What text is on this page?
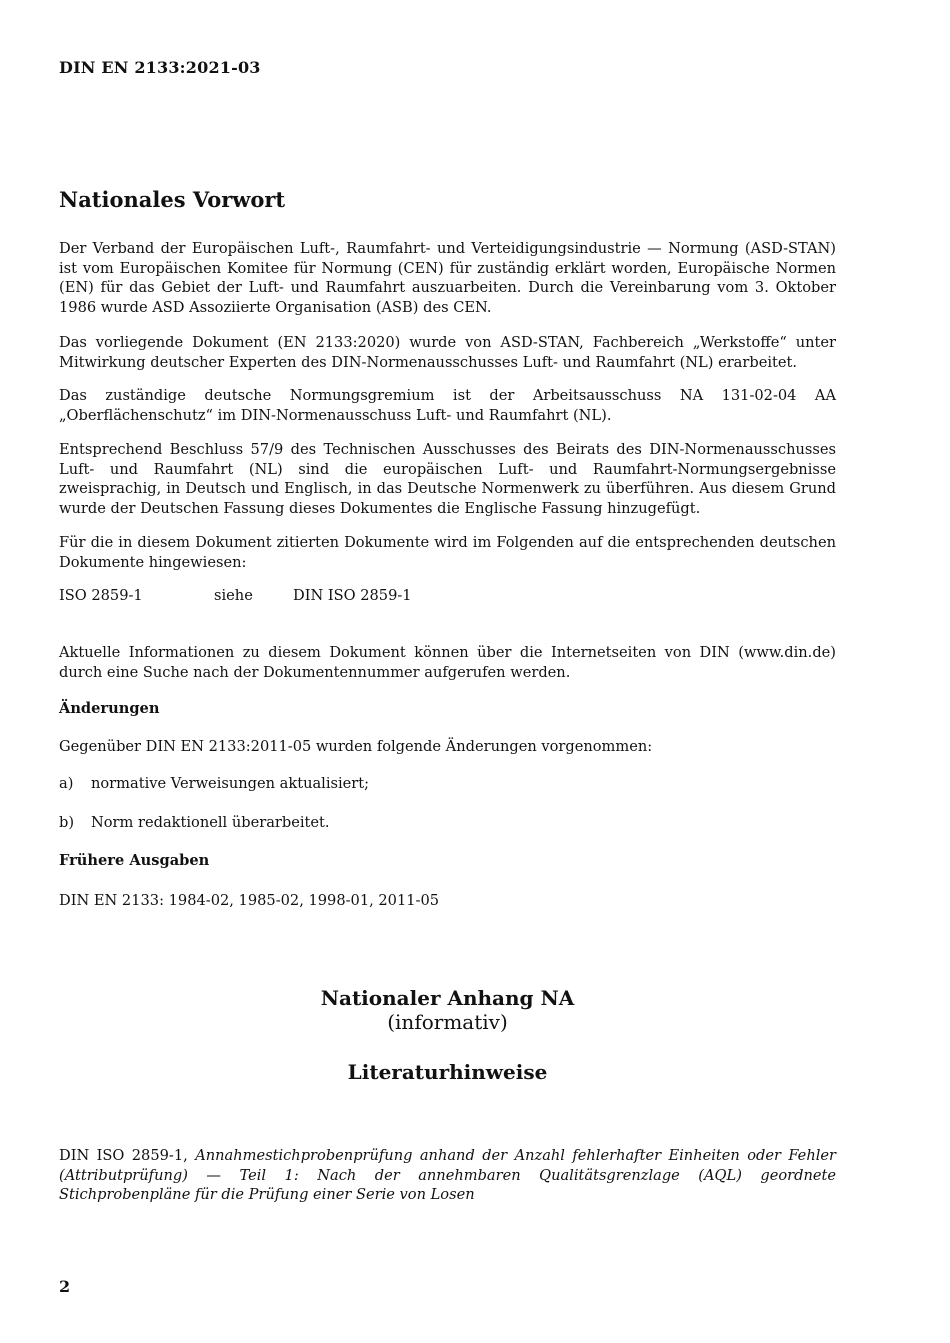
DIN EN 2133:2021-03
Nationales Vorwort

Der Verband der Europäischen Luft-, Raumfahrt- und Verteidigungsindustrie — Normung (ASD-STAN) ist vom Europäischen Komitee für Normung (CEN) für zuständig erklärt worden, Europäische Normen (EN) für das Gebiet der Luft- und Raumfahrt auszuarbeiten. Durch die Vereinbarung vom 3. Oktober 1986 wurde ASD Assoziierte Organisation (ASB) des CEN.

Das vorliegende Dokument (EN 2133:2020) wurde von ASD-STAN, Fachbereich „Werkstoffe“ unter Mitwirkung deutscher Experten des DIN-Normenausschusses Luft- und Raumfahrt (NL) erarbeitet.

Das zuständige deutsche Normungsgremium ist der Arbeitsausschuss NA 131-02-04 AA „Oberflächenschutz“ im DIN-Normenausschuss Luft- und Raumfahrt (NL).

Entsprechend Beschluss 57/9 des Technischen Ausschusses des Beirats des DIN-Normenausschusses Luft- und Raumfahrt (NL) sind die europäischen Luft- und Raumfahrt-Normungsergebnisse zweisprachig, in Deutsch und Englisch, in das Deutsche Normenwerk zu überführen. Aus diesem Grund wurde der Deutschen Fassung dieses Dokumentes die Englische Fassung hinzugefügt.

Für die in diesem Dokument zitierten Dokumente wird im Folgenden auf die entsprechenden deutschen Dokumente hingewiesen:

ISO 2859-1	siehe	DIN ISO 2859-1

Aktuelle Informationen zu diesem Dokument können über die Internetseiten von DIN (www.din.de) durch eine Suche nach der Dokumentennummer aufgerufen werden.

Änderungen

Gegenüber DIN EN 2133:2011-05 wurden folgende Änderungen vorgenommen:

a) normative Verweisungen aktualisiert;
b) Norm redaktionell überarbeitet.
Frühere Ausgaben

DIN EN 2133: 1984-02, 1985-02, 1998-01, 2011-05

Nationaler Anhang NA
(informativ)
Literaturhinweise

DIN ISO 2859-1, Annahmestichprobenprüfung anhand der Anzahl fehlerhafter Einheiten oder Fehler (Attributprüfung) — Teil 1: Nach der annehmbaren Qualitätsgrenzlage (AQL) geordnete Stichprobenpläne für die Prüfung einer Serie von Losen

2
